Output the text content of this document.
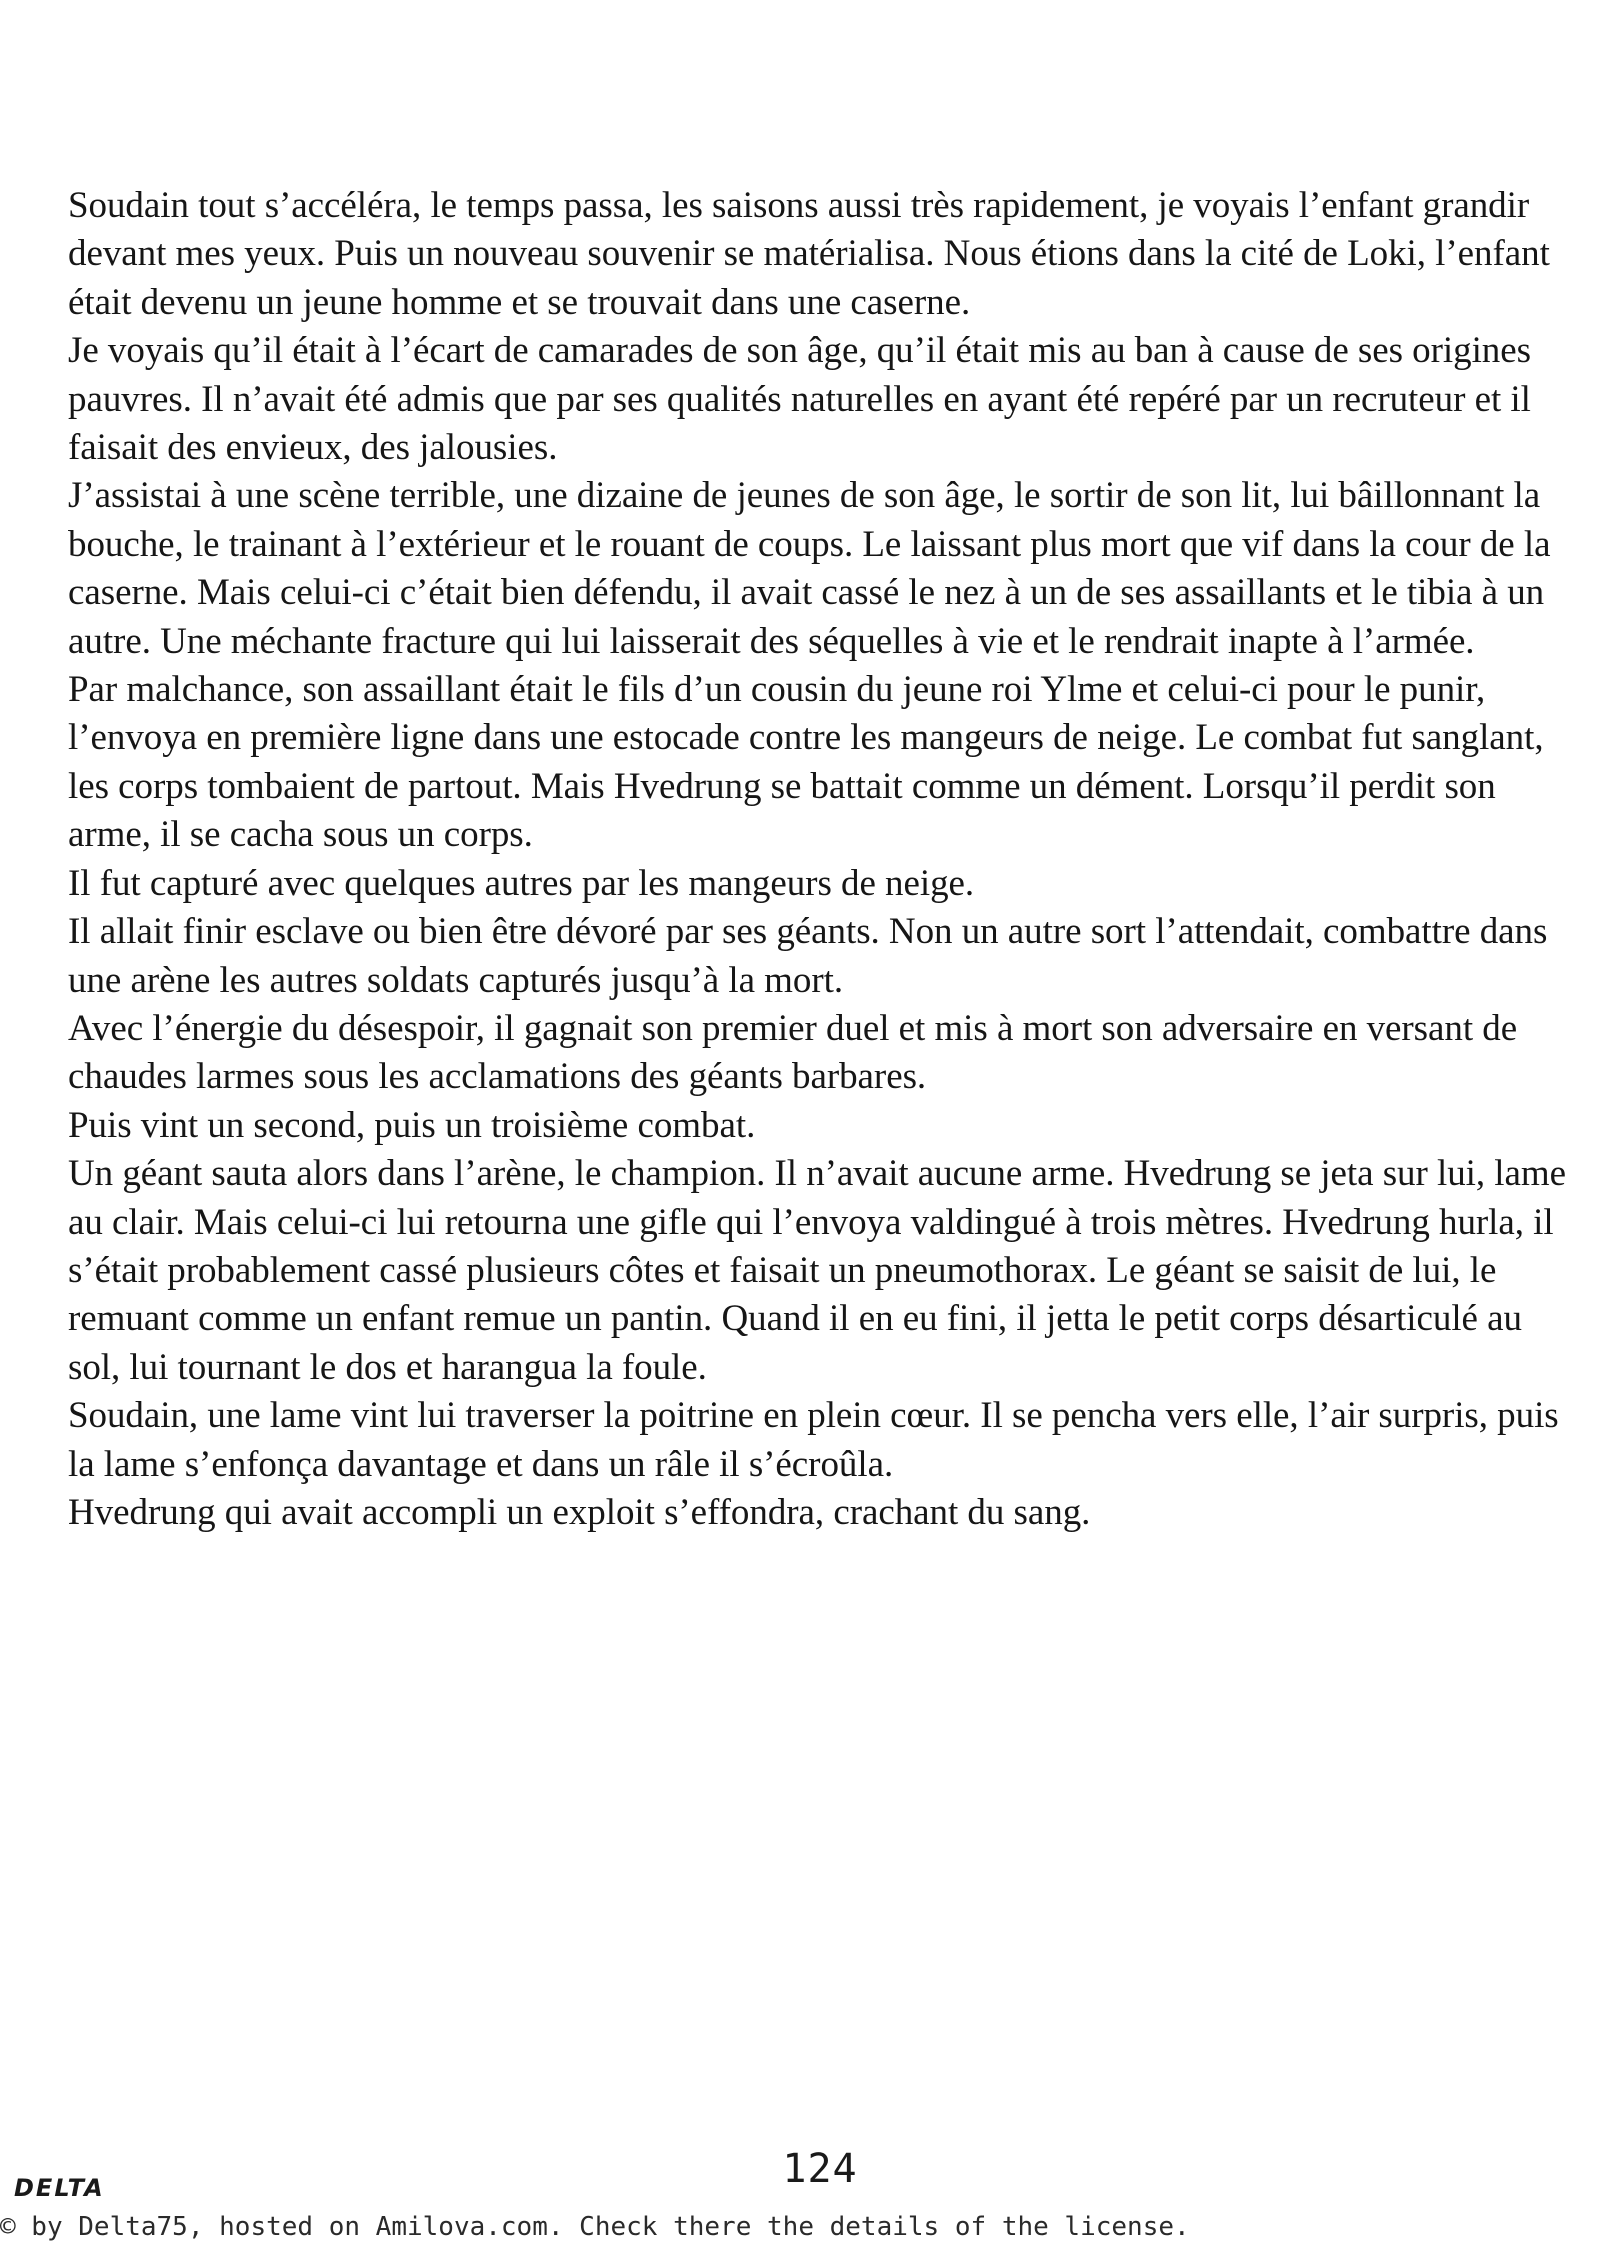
Soudain tout s’accéléra, le temps passa, les saisons aussi très rapidement, je voyais l’enfant grandir devant mes yeux. Puis un nouveau souvenir se matérialisa. Nous étions dans la cité de Loki, l’enfant était devenu un jeune homme et se trouvait dans une caserne.

Je voyais qu’il était à l’écart de camarades de son âge, qu’il était mis au ban à cause de ses origines pauvres. Il n’avait été admis que par ses qualités naturelles en ayant été repéré par un recruteur et il faisait des envieux, des jalousies.

J’assistai à une scène terrible, une dizaine de jeunes de son âge, le sortir de son lit, lui bâillonnant la bouche, le trainant à l’extérieur et le rouant de coups. Le laissant plus mort que vif dans la cour de la caserne. Mais celui-ci c’était bien défendu, il avait cassé le nez à un de ses assaillants et le tibia à un autre. Une méchante fracture qui lui laisserait des séquelles à vie et le rendrait inapte à l’armée.

Par malchance, son assaillant était le fils d’un cousin du jeune roi Ylme et celui-ci pour le punir, l’envoya en première ligne dans une estocade contre les mangeurs de neige. Le combat fut sanglant, les corps tombaient de partout. Mais Hvedrung se battait comme un dément. Lorsqu’il perdit son arme, il se cacha sous un corps.

Il fut capturé avec quelques autres par les mangeurs de neige.

Il allait finir esclave ou bien être dévoré par ses géants. Non un autre sort l’attendait, combattre dans une arène les autres soldats capturés jusqu’à la mort.

Avec l’énergie du désespoir, il gagnait son premier duel et mis à mort son adversaire en versant de chaudes larmes sous les acclamations des géants barbares.

Puis vint un second, puis un troisième combat.

Un géant sauta alors dans l’arène, le champion. Il n’avait aucune arme. Hvedrung se jeta sur lui, lame au clair. Mais celui-ci lui retourna une gifle qui l’envoya valdingué à trois mètres. Hvedrung hurla, il s’était probablement cassé plusieurs côtes et faisait un pneumothorax. Le géant se saisit de lui, le remuant comme un enfant remue un pantin. Quand il en eu fini, il jetta le petit corps désarticulé au sol, lui tournant le dos et harangua la foule.

Soudain, une lame vint lui traverser la poitrine en plein cœur. Il se pencha vers elle, l’air surpris, puis la lame s’enfonça davantage et dans un râle il s’écroûla.

Hvedrung qui avait accompli un exploit s’effondra, crachant du sang.

DELTA	124
© by Delta75, hosted on Amilova.com. Check there the details of the license.
